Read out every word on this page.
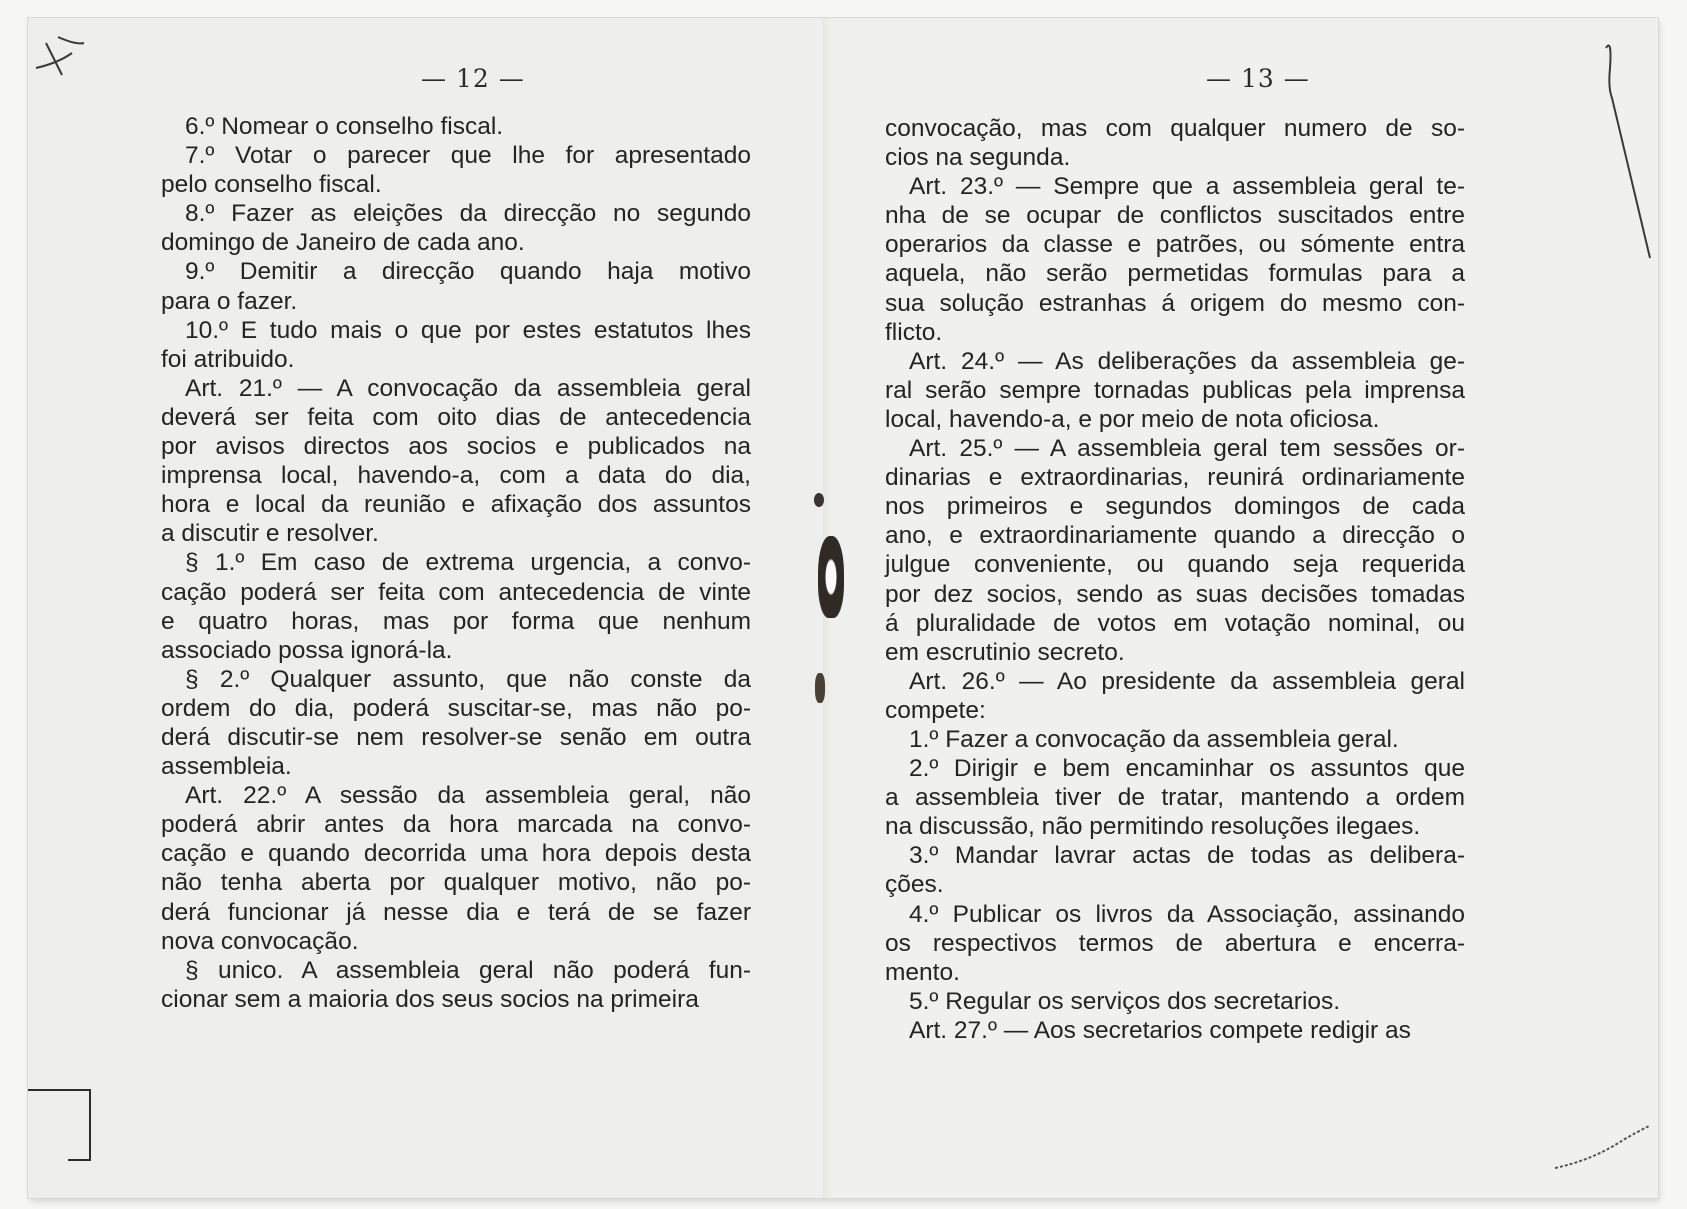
— 12 —
6.º Nomear o conselho fiscal.
7.º Votar o parecer que lhe for apresentado
pelo conselho fiscal.
8.º Fazer as eleições da direcção no segundo
domingo de Janeiro de cada ano.
9.º Demitir a direcção quando haja motivo
para o fazer.
10.º E tudo mais o que por estes estatutos lhes
foi atribuido.
Art. 21.º — A convocação da assembleia geral
deverá ser feita com oito dias de antecedencia
por avisos directos aos socios e publicados na
imprensa local, havendo-a, com a data do dia,
hora e local da reunião e afixação dos assuntos
a discutir e resolver.
§ 1.º Em caso de extrema urgencia, a convo-
cação poderá ser feita com antecedencia de vinte
e quatro horas, mas por forma que nenhum
associado possa ignorá-la.
§ 2.º Qualquer assunto, que não conste da
ordem do dia, poderá suscitar-se, mas não po-
derá discutir-se nem resolver-se senão em outra
assembleia.
Art. 22.º A sessão da assembleia geral, não
poderá abrir antes da hora marcada na convo-
cação e quando decorrida uma hora depois desta
não tenha aberta por qualquer motivo, não po-
derá funcionar já nesse dia e terá de se fazer
nova convocação.
§ unico. A assembleia geral não poderá fun-
cionar sem a maioria dos seus socios na primeira
— 13 —
convocação, mas com qualquer numero de so-
cios na segunda.
Art. 23.º — Sempre que a assembleia geral te-
nha de se ocupar de conflictos suscitados entre
operarios da classe e patrões, ou sómente entra
aquela, não serão permetidas formulas para a
sua solução estranhas á origem do mesmo con-
flicto.
Art. 24.º — As deliberações da assembleia ge-
ral serão sempre tornadas publicas pela imprensa
local, havendo-a, e por meio de nota oficiosa.
Art. 25.º — A assembleia geral tem sessões or-
dinarias e extraordinarias, reunirá ordinariamente
nos primeiros e segundos domingos de cada
ano, e extraordinariamente quando a direcção o
julgue conveniente, ou quando seja requerida
por dez socios, sendo as suas decisões tomadas
á pluralidade de votos em votação nominal, ou
em escrutinio secreto.
Art. 26.º — Ao presidente da assembleia geral
compete:
1.º Fazer a convocação da assembleia geral.
2.º Dirigir e bem encaminhar os assuntos que
a assembleia tiver de tratar, mantendo a ordem
na discussão, não permitindo resoluções ilegaes.
3.º Mandar lavrar actas de todas as delibera-
ções.
4.º Publicar os livros da Associação, assinando
os respectivos termos de abertura e encerra-
mento.
5.º Regular os serviços dos secretarios.
Art. 27.º — Aos secretarios compete redigir as
